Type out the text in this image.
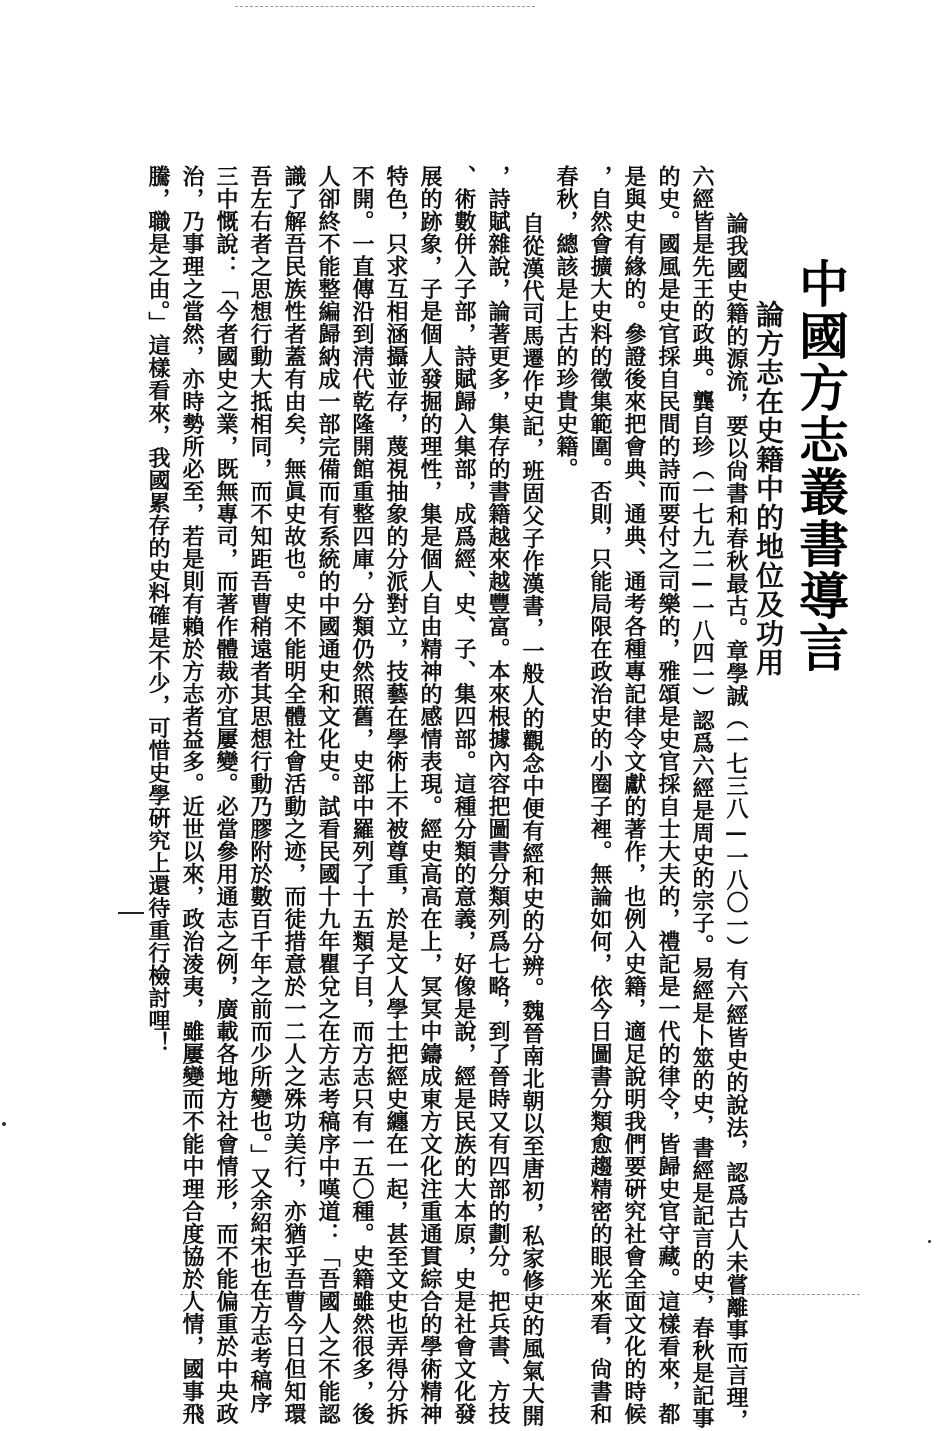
中國方志叢書導言
論方志在史籍中的地位及功用
論我國史籍的源流，要以尙書和春秋最古。章學誠（一七三八—一八〇一）有六經皆史的說法，認爲古人未嘗離事而言理，
六經皆是先王的政典。龔自珍（一七九二—一八四一）認爲六經是周史的宗子。易經是卜筮的史，書經是記言的史，春秋是記事
的史。國風是史官採自民間的詩而要付之司樂的，雅頌是史官採自士大夫的，禮記是一代的律令，皆歸史官守藏。這樣看來，都
是與史有緣的。參證後來把會典、通典、通考各種專記律令文獻的著作，也例入史籍，適足說明我們要硏究社會全面文化的時候
，自然會擴大史料的徵集範圍。否則，只能局限在政治史的小圈子裡。無論如何，依今日圖書分類愈趨精密的眼光來看，尙書和
春秋，總該是上古的珍貴史籍。
自從漢代司馬遷作史記，班固父子作漢書，一般人的觀念中便有經和史的分辨。魏晉南北朝以至唐初，私家修史的風氣大開
，詩賦雜說，論著更多，集存的書籍越來越豐富。本來根據內容把圖書分類列爲七略，到了晉時又有四部的劃分。把兵書、方技
、術數併入子部，詩賦歸入集部，成爲經、史、子、集四部。這種分類的意義，好像是說，經是民族的大本原，史是社會文化發
展的跡象，子是個人發掘的理性，集是個人自由精神的感情表現。經史高高在上，冥冥中鑄成東方文化注重通貫綜合的學術精神
特色，只求互相涵攝並存，蔑視抽象的分派對立，技藝在學術上不被尊重，於是文人學士把經史纏在一起，甚至文史也弄得分拆
不開。一直傳沿到淸代乾隆開館重整四庫，分類仍然照舊，史部中羅列了十五類子目，而方志只有一五〇種。史籍雖然很多，後
人卻終不能整編歸納成一部完備而有系統的中國通史和文化史。試看民國十九年瞿兌之在方志考稿序中嘆道：「吾國人之不能認
識了解吾民族性者蓋有由矣，無眞史故也。史不能明全體社會活動之迹，而徒措意於一二人之殊功美行，亦猶乎吾曹今日但知環
吾左右者之思想行動大抵相同，而不知距吾曹稍遠者其思想行動乃膠附於數百千年之前而少所變也。」又余紹宋也在方志考稿序
三中慨說：「今者國史之業，既無專司，而著作體裁亦宜屢變。必當參用通志之例，廣載各地方社會情形，而不能偏重於中央政
治，乃事理之當然，亦時勢所必至，若是則有賴於方志者益多。近世以來，政治淩夷，雖屢變而不能中理合度協於人情，國事飛
騰，職是之由。」這樣看來，我國累存的史料確是不少，可惜史學硏究上還待重行檢討哩！
